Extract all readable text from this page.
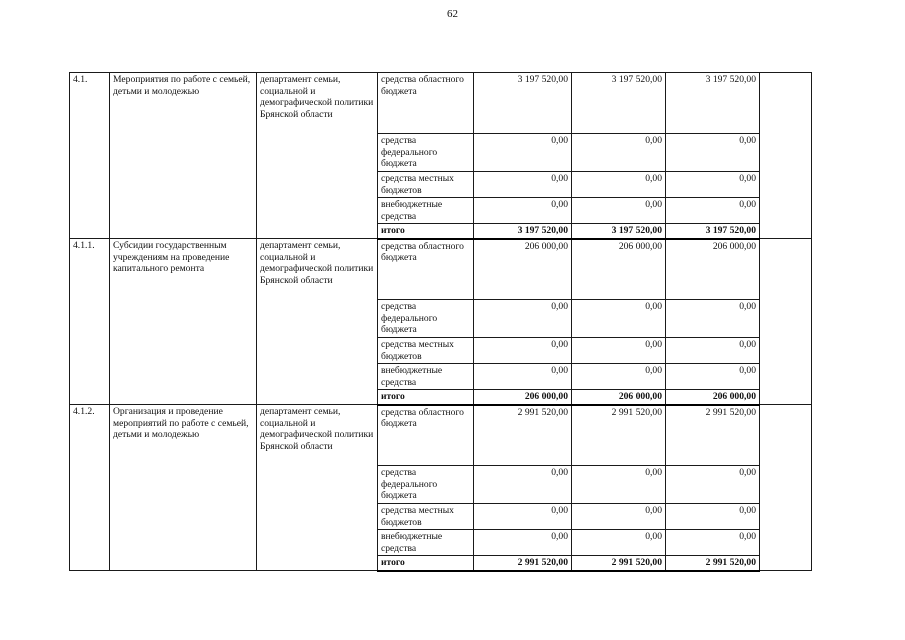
62
4.1.	Мероприятия по работе с семьей, детьми и молодежью	департамент семьи, социальной и демографической политики Брянской области	средства областного бюджета	3 197 520,00	3 197 520,00	3 197 520,00	
			средства федерального бюджета	0,00	0,00	0,00	
			средства местных бюджетов	0,00	0,00	0,00	
			внебюджетные средства	0,00	0,00	0,00	
			итого	3 197 520,00	3 197 520,00	3 197 520,00	
4.1.1.	Субсидии государственным учреждениям на проведение капитального ремонта	департамент семьи, социальной и демографической политики Брянской области	средства областного бюджета	206 000,00	206 000,00	206 000,00	
			средства федерального бюджета	0,00	0,00	0,00	
			средства местных бюджетов	0,00	0,00	0,00	
			внебюджетные средства	0,00	0,00	0,00	
			итого	206 000,00	206 000,00	206 000,00	
4.1.2.	Организация и проведение мероприятий по работе с семьей, детьми и молодежью	департамент семьи, социальной и демографической политики Брянской области	средства областного бюджета	2 991 520,00	2 991 520,00	2 991 520,00	
			средства федерального бюджета	0,00	0,00	0,00	
			средства местных бюджетов	0,00	0,00	0,00	
			внебюджетные средства	0,00	0,00	0,00	
			итого	2 991 520,00	2 991 520,00	2 991 520,00	
